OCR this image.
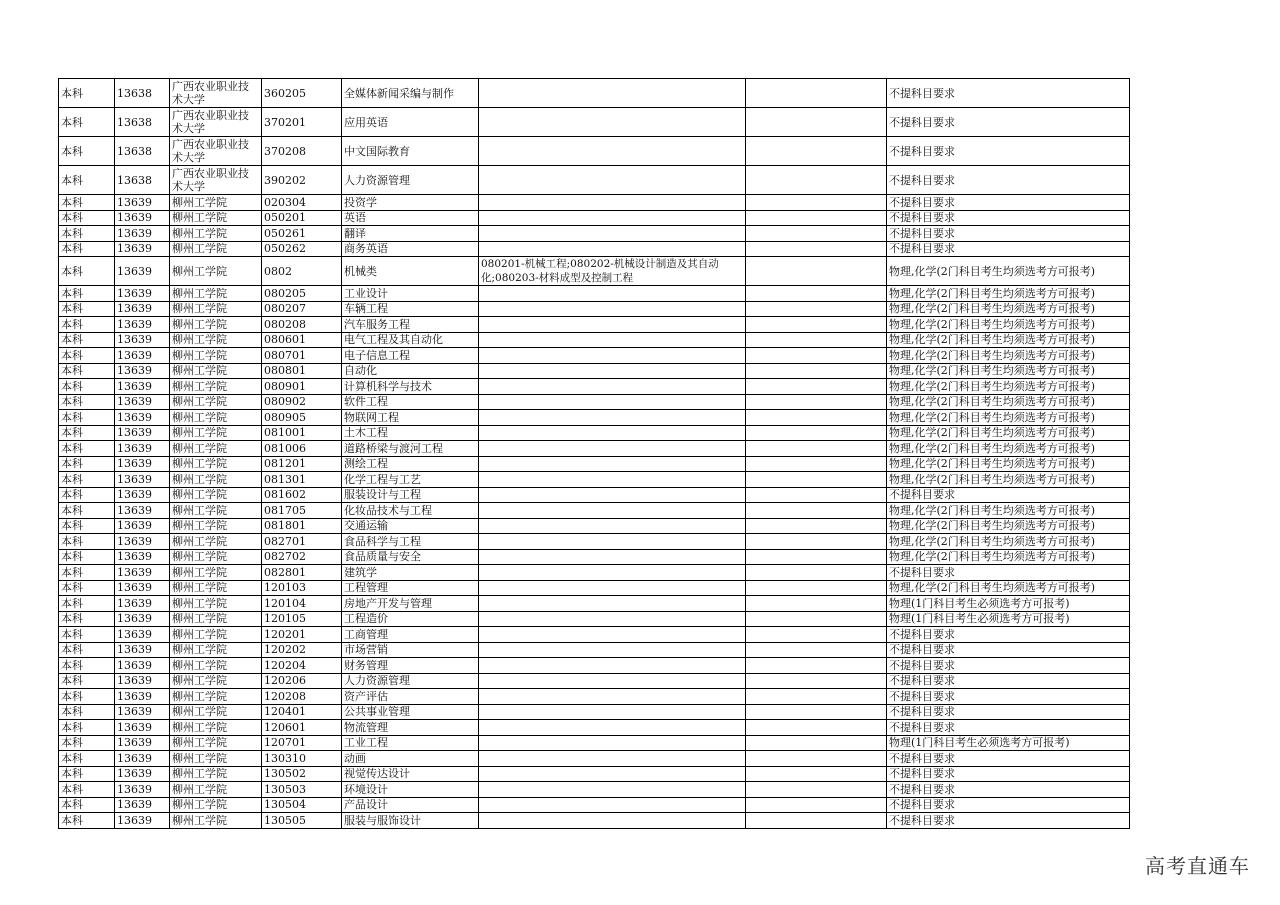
本科	13638	广西农业职业技术大学	360205	全媒体新闻采编与制作			不提科目要求
本科	13638	广西农业职业技术大学	370201	应用英语			不提科目要求
本科	13638	广西农业职业技术大学	370208	中文国际教育			不提科目要求
本科	13638	广西农业职业技术大学	390202	人力资源管理			不提科目要求
本科	13639	柳州工学院	020304	投资学			不提科目要求
本科	13639	柳州工学院	050201	英语			不提科目要求
本科	13639	柳州工学院	050261	翻译			不提科目要求
本科	13639	柳州工学院	050262	商务英语			不提科目要求
本科	13639	柳州工学院	0802	机械类	080201-机械工程;080202-机械设计制造及其自动化;080203-材料成型及控制工程		物理,化学(2门科目考生均须选考方可报考)
本科	13639	柳州工学院	080205	工业设计			物理,化学(2门科目考生均须选考方可报考)
本科	13639	柳州工学院	080207	车辆工程			物理,化学(2门科目考生均须选考方可报考)
本科	13639	柳州工学院	080208	汽车服务工程			物理,化学(2门科目考生均须选考方可报考)
本科	13639	柳州工学院	080601	电气工程及其自动化			物理,化学(2门科目考生均须选考方可报考)
本科	13639	柳州工学院	080701	电子信息工程			物理,化学(2门科目考生均须选考方可报考)
本科	13639	柳州工学院	080801	自动化			物理,化学(2门科目考生均须选考方可报考)
本科	13639	柳州工学院	080901	计算机科学与技术			物理,化学(2门科目考生均须选考方可报考)
本科	13639	柳州工学院	080902	软件工程			物理,化学(2门科目考生均须选考方可报考)
本科	13639	柳州工学院	080905	物联网工程			物理,化学(2门科目考生均须选考方可报考)
本科	13639	柳州工学院	081001	土木工程			物理,化学(2门科目考生均须选考方可报考)
本科	13639	柳州工学院	081006	道路桥梁与渡河工程			物理,化学(2门科目考生均须选考方可报考)
本科	13639	柳州工学院	081201	测绘工程			物理,化学(2门科目考生均须选考方可报考)
本科	13639	柳州工学院	081301	化学工程与工艺			物理,化学(2门科目考生均须选考方可报考)
本科	13639	柳州工学院	081602	服装设计与工程			不提科目要求
本科	13639	柳州工学院	081705	化妆品技术与工程			物理,化学(2门科目考生均须选考方可报考)
本科	13639	柳州工学院	081801	交通运输			物理,化学(2门科目考生均须选考方可报考)
本科	13639	柳州工学院	082701	食品科学与工程			物理,化学(2门科目考生均须选考方可报考)
本科	13639	柳州工学院	082702	食品质量与安全			物理,化学(2门科目考生均须选考方可报考)
本科	13639	柳州工学院	082801	建筑学			不提科目要求
本科	13639	柳州工学院	120103	工程管理			物理,化学(2门科目考生均须选考方可报考)
本科	13639	柳州工学院	120104	房地产开发与管理			物理(1门科目考生必须选考方可报考)
本科	13639	柳州工学院	120105	工程造价			物理(1门科目考生必须选考方可报考)
本科	13639	柳州工学院	120201	工商管理			不提科目要求
本科	13639	柳州工学院	120202	市场营销			不提科目要求
本科	13639	柳州工学院	120204	财务管理			不提科目要求
本科	13639	柳州工学院	120206	人力资源管理			不提科目要求
本科	13639	柳州工学院	120208	资产评估			不提科目要求
本科	13639	柳州工学院	120401	公共事业管理			不提科目要求
本科	13639	柳州工学院	120601	物流管理			不提科目要求
本科	13639	柳州工学院	120701	工业工程			物理(1门科目考生必须选考方可报考)
本科	13639	柳州工学院	130310	动画			不提科目要求
本科	13639	柳州工学院	130502	视觉传达设计			不提科目要求
本科	13639	柳州工学院	130503	环境设计			不提科目要求
本科	13639	柳州工学院	130504	产品设计			不提科目要求
本科	13639	柳州工学院	130505	服装与服饰设计			不提科目要求
高考直通车
